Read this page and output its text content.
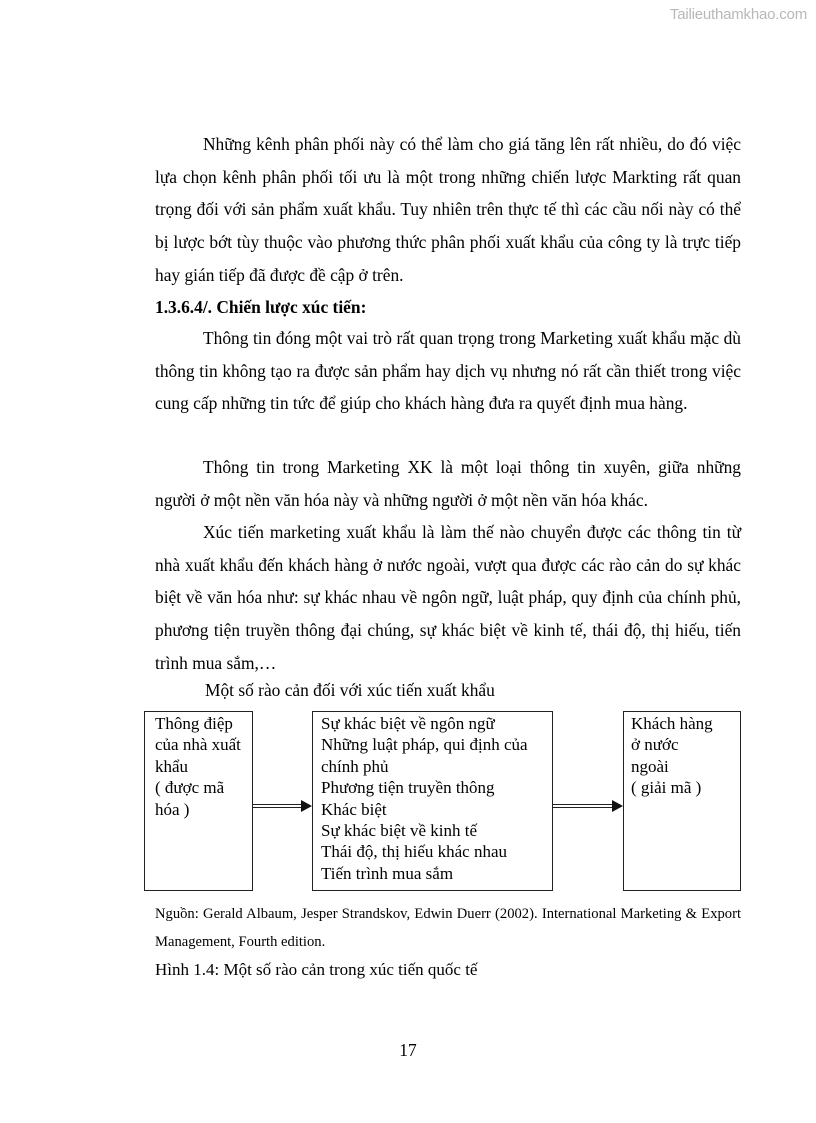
Tailieuthamkhao.com
Những kênh phân phối này có thể làm cho giá tăng lên rất nhiều, do đó việc lựa chọn kênh phân phối tối ưu là một trong những chiến lược Markting rất quan trọng đối với sản phẩm xuất khẩu. Tuy nhiên trên thực tế thì các cầu nối này có thể bị lược bớt tùy thuộc vào phương thức phân phối xuất khẩu của công ty là trực tiếp hay gián tiếp đã được đề cập ở trên.
1.3.6.4/. Chiến lược xúc tiến:
Thông tin đóng một vai trò rất quan trọng trong Marketing xuất khẩu mặc dù thông tin không tạo ra được sản phẩm hay dịch vụ nhưng nó rất cần thiết trong việc cung cấp những tin tức để giúp cho khách hàng đưa ra quyết định mua hàng.
Thông tin trong Marketing XK là một loại thông tin xuyên, giữa những người ở một nền văn hóa này và những người ở một nền văn hóa khác.
Xúc tiến marketing xuất khẩu là làm thế nào chuyển được các thông tin từ nhà xuất khẩu đến khách hàng ở nước ngoài, vượt qua được các rào cản do sự khác biệt về văn hóa như: sự khác nhau về ngôn ngữ, luật pháp, quy định của chính phủ, phương tiện truyền thông đại chúng, sự khác biệt về kinh tế, thái độ, thị hiếu, tiến trình mua sắm,…
Một số rào cản đối với xúc tiến xuất khẩu
Thông điệp
của nhà xuất
khẩu
( được mã
hóa )
Sự khác biệt về ngôn ngữ
Những luật pháp, qui định của
chính phủ
Phương tiện truyền thông
Khác biệt
Sự khác biệt về kinh tế
Thái độ, thị hiếu khác nhau
Tiến trình mua sắm
Khách hàng
ở nước
ngoài
( giải mã )
Nguồn: Gerald Albaum, Jesper Strandskov, Edwin Duerr (2002). International Marketing & Export Management, Fourth edition.
Hình 1.4: Một số rào cản trong xúc tiến quốc tế
17
